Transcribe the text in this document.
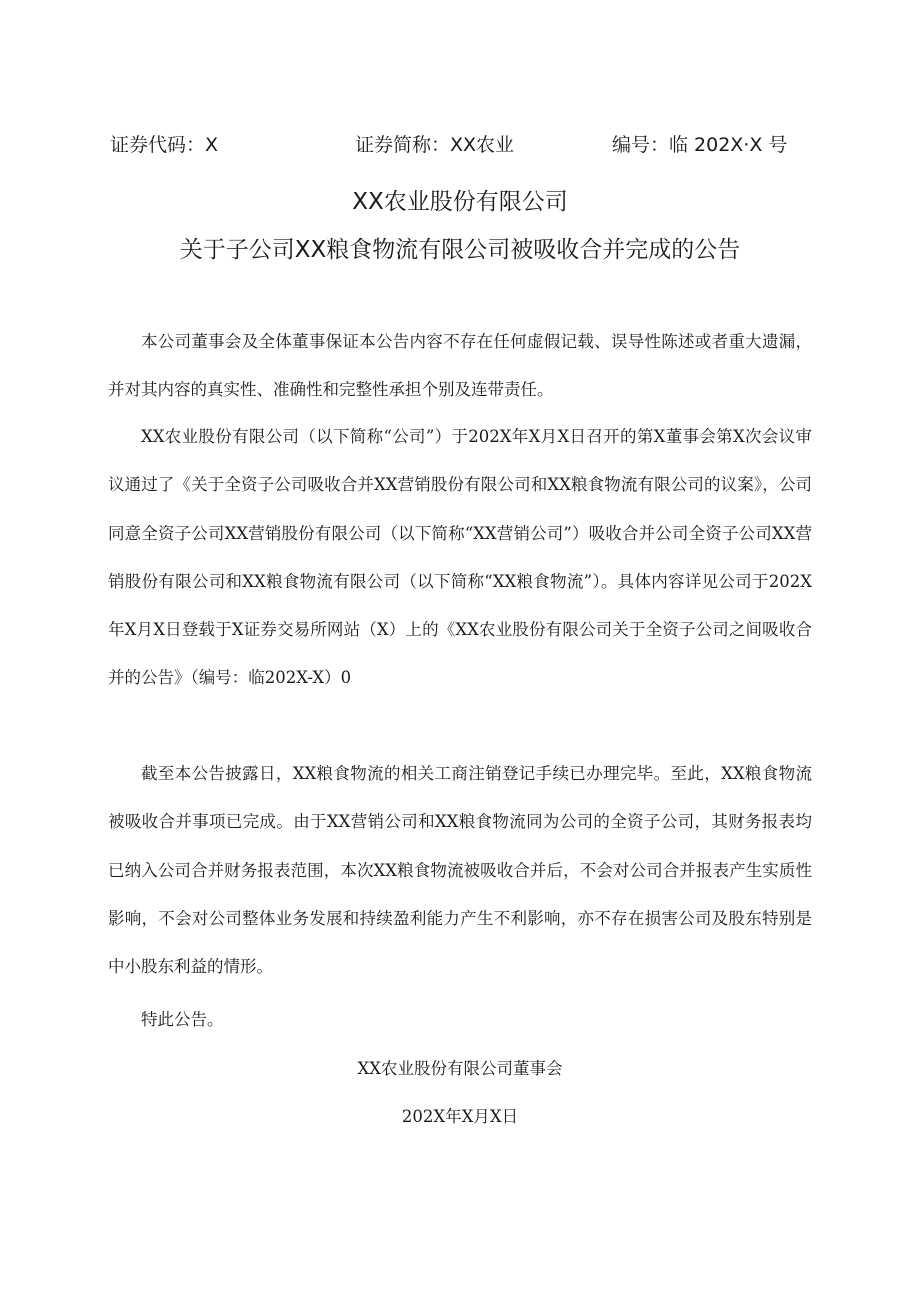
证券代码：X	证券简称：XX农业	编号：临 202X·X 号
XX农业股份有限公司
关于子公司XX粮食物流有限公司被吸收合并完成的公告

本公司董事会及全体董事保证本公告内容不存在任何虚假记载、误导性陈述或者重大遗漏，并对其内容的真实性、准确性和完整性承担个别及连带责任。

XX农业股份有限公司（以下简称“公司”）于202X年X月X日召开的第X董事会第X次会议审议通过了《关于全资子公司吸收合并XX营销股份有限公司和XX粮食物流有限公司的议案》，公司同意全资子公司XX营销股份有限公司（以下简称“XX营销公司”）吸收合并公司全资子公司XX营销股份有限公司和XX粮食物流有限公司（以下简称“XX粮食物流”）。具体内容详见公司于202X年X月X日登载于X证券交易所网站（X）上的《XX农业股份有限公司关于全资子公司之间吸收合并的公告》（编号：临202X-X）0

截至本公告披露日，XX粮食物流的相关工商注销登记手续已办理完毕。至此，XX粮食物流被吸收合并事项已完成。由于XX营销公司和XX粮食物流同为公司的全资子公司，其财务报表均已纳入公司合并财务报表范围，本次XX粮食物流被吸收合并后，不会对公司合并报表产生实质性影响，不会对公司整体业务发展和持续盈利能力产生不利影响，亦不存在损害公司及股东特别是中小股东利益的情形。

特此公告。

XX农业股份有限公司董事会
202X年X月X日
